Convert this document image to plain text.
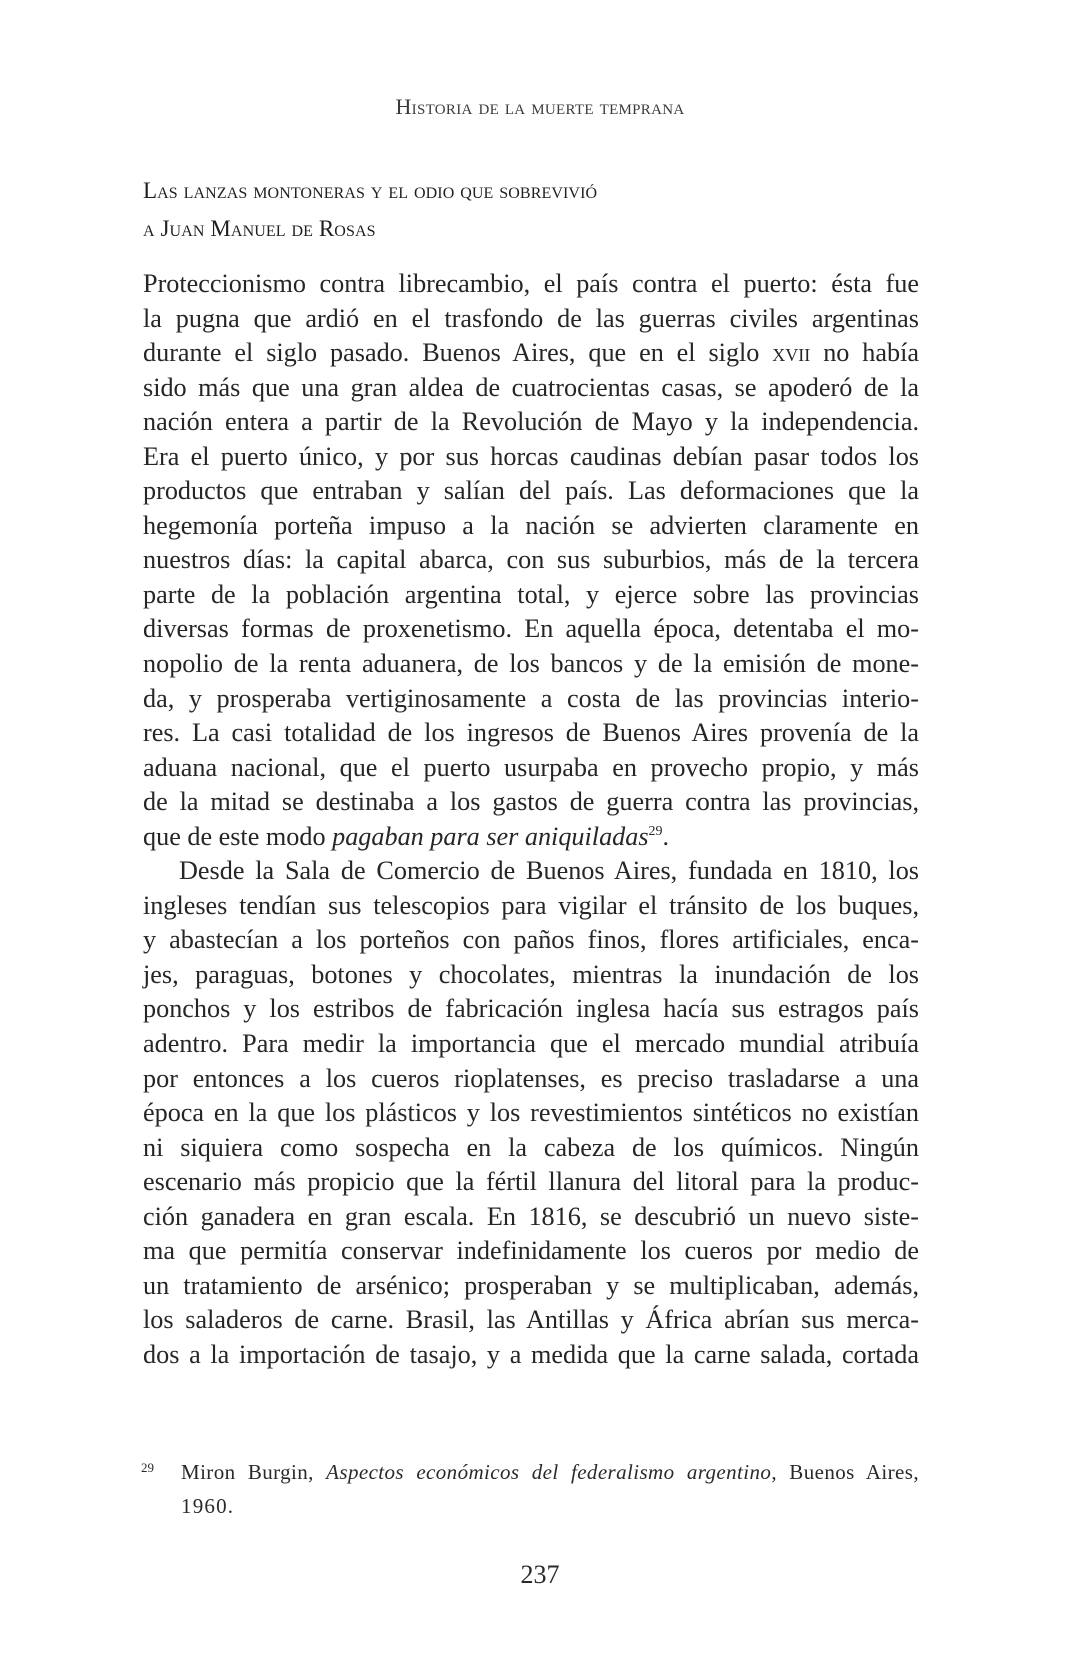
Historia de la muerte temprana
Las lanzas montoneras y el odio que sobrevivió
a Juan Manuel de Rosas
Proteccionismo contra librecambio, el país contra el puerto: ésta fue
la pugna que ardió en el trasfondo de las guerras civiles argentinas
durante el siglo pasado. Buenos Aires, que en el siglo xvii no había
sido más que una gran aldea de cuatrocientas casas, se apoderó de la
nación entera a partir de la Revolución de Mayo y la independencia.
Era el puerto único, y por sus horcas caudinas debían pasar todos los
productos que entraban y salían del país. Las deformaciones que la
hegemonía porteña impuso a la nación se advierten claramente en
nuestros días: la capital abarca, con sus suburbios, más de la tercera
parte de la población argentina total, y ejerce sobre las provincias
diversas formas de proxenetismo. En aquella época, detentaba el mo-
nopolio de la renta aduanera, de los bancos y de la emisión de mone-
da, y prosperaba vertiginosamente a costa de las provincias interio-
res. La casi totalidad de los ingresos de Buenos Aires provenía de la
aduana nacional, que el puerto usurpaba en provecho propio, y más
de la mitad se destinaba a los gastos de guerra contra las provincias,
que de este modo pagaban para ser aniquiladas$^{29}$.
Desde la Sala de Comercio de Buenos Aires, fundada en 1810, los
ingleses tendían sus telescopios para vigilar el tránsito de los buques,
y abastecían a los porteños con paños finos, flores artificiales, enca-
jes, paraguas, botones y chocolates, mientras la inundación de los
ponchos y los estribos de fabricación inglesa hacía sus estragos país
adentro. Para medir la importancia que el mercado mundial atribuía
por entonces a los cueros rioplatenses, es preciso trasladarse a una
época en la que los plásticos y los revestimientos sintéticos no existían
ni siquiera como sospecha en la cabeza de los químicos. Ningún
escenario más propicio que la fértil llanura del litoral para la produc-
ción ganadera en gran escala. En 1816, se descubrió un nuevo siste-
ma que permitía conservar indefinidamente los cueros por medio de
un tratamiento de arsénico; prosperaban y se multiplicaban, además,
los saladeros de carne. Brasil, las Antillas y África abrían sus merca-
dos a la importación de tasajo, y a medida que la carne salada, cortada
29 Miron Burgin, Aspectos económicos del federalismo argentino, Buenos Aires,
1960.
237
